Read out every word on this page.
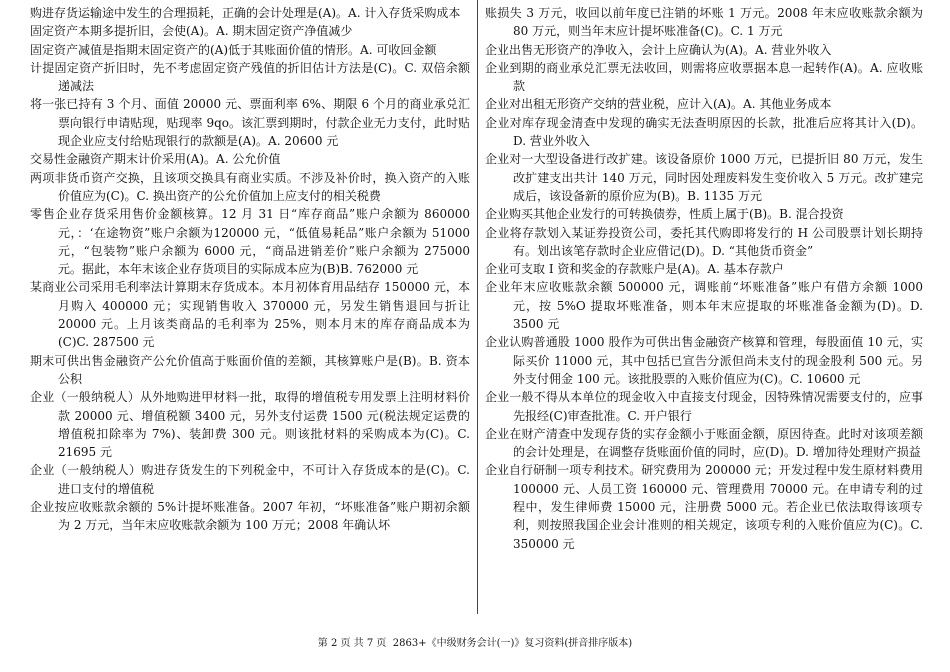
购进存货运输途中发生的合理损耗，正确的会计处理是(A)。A. 计入存货采购成本

固定资产本期多提折旧，会使(A)。A. 期末固定资产净值减少

固定资产减值是指期末固定资产的(A)低于其账面价值的情形。A. 可收回金额

计提固定资产折旧时，先不考虑固定资产残值的折旧估计方法是(C)。C. 双倍余额递减法

将一张已持有 3 个月、面值 20000 元、票面利率 6%、期限 6 个月的商业承兑汇票向银行申请贴现，贴现率 9qo。该汇票到期时，付款企业无力支付，此时贴现企业应支付给贴现银行的款额是(A)。A. 20600 元

交易性金融资产期末计价采用(A)。A. 公允价值

两项非货币资产交换，且该项交换具有商业实质。不涉及补价时，换入资产的入账价值应为(C)。C. 换出资产的公允价值加上应支付的相关税费

零售企业存货采用售价金额核算。12 月 31 日“库存商品”账户余额为 860000 元，：‘在途物资”账户余额为120000 元，“低值易耗品”账户余额为 51000 元，“包装物”账户余额为 6000 元，“商品进销差价”账户余额为 275000 元。据此，本年末该企业存货项目的实际成本应为(B)B. 762000 元

某商业公司采用毛利率法计算期末存货成本。本月初体育用品结存 150000 元，本月购入 400000 元；实现销售收入 370000 元，另发生销售退回与折让 20000 元。上月该类商品的毛利率为 25%，则本月末的库存商品成本为(C)C. 287500 元

期末可供出售金融资产公允价值高于账面价值的差额，其核算账户是(B)。B. 资本公积

企业（一般纳税人）从外地购进甲材料一批，取得的增值税专用发票上注明材料价款 20000 元、增值税额 3400 元，另外支付运费 1500 元(税法规定运费的增值税扣除率为 7%)、装卸费 300 元。则该批材料的采购成本为(C)。C. 21695 元

企业（一般纳税人）购进存货发生的下列税金中，不可计入存货成本的是(C)。C. 进口支付的增值税

企业按应收账款余额的 5%计提坏账准备。2007 年初，“坏账准备”账户期初余额为 2 万元，当年末应收账款余额为 100 万元；2008 年确认坏

账损失 3 万元，收回以前年度已注销的坏账 1 万元。2008 年末应收账款余额为 80 万元，则当年末应计提坏账准备(C)。C. 1 万元

企业出售无形资产的净收入，会计上应确认为(A)。A. 营业外收入

企业到期的商业承兑汇票无法收回，则需将应收票据本息一起转作(A)。A. 应收账款

企业对出租无形资产交纳的营业税，应计入(A)。A. 其他业务成本

企业对库存现金清查中发现的确实无法查明原因的长款，批准后应将其计入(D)。D. 营业外收入

企业对一大型设备进行改扩建。该设备原价 1000 万元，已提折旧 80 万元，发生改扩建支出共计 140 万元，同时因处理废料发生变价收入 5 万元。改扩建完成后，该设备新的原价应为(B)。B. 1135 万元

企业购买其他企业发行的可转换债券，性质上属于(B)。B. 混合投资

企业将存款划入某证券投资公司，委托其代购即将发行的 H 公司股票计划长期持有。划出该笔存款时企业应借记(D)。D. “其他货币资金”

企业可支取 I 资和奖金的存款账户是(A)。A. 基本存款户

企业年末应收账款余额 500000 元，调账前“坏账准备”账户有借方余额 1000 元，按 5%O 提取坏账准备，则本年末应提取的坏账准备金额为(D)。D. 3500 元

企业认购普通股 1000 股作为可供出售金融资产核算和管理，每股面值 10 元，实际买价 11000 元，其中包括已宣告分派但尚未支付的现金股利 500 元。另外支付佣金 100 元。该批股票的入账价值应为(C)。C. 10600 元

企业一般不得从本单位的现金收入中直接支付现金，因特殊情况需要支付的，应事先报经(C)审查批准。C. 开户银行

企业在财产清查中发现存货的实存金额小于账面金额，原因待查。此时对该项差额的会计处理是，在调整存货账面价值的同时，应(D)。D. 增加待处理财产损益

企业自行研制一项专利技术。研究费用为 200000 元；开发过程中发生原材料费用 100000 元、人员工资 160000 元、管理费用 70000 元。在申请专利的过程中，发生律师费 15000 元，注册费 5000 元。若企业已依法取得该项专利，则按照我国企业会计准则的相关规定，该项专利的入账价值应为(C)。C. 350000 元

第 2 页 共 7 页  2863+《中级财务会计(一)》复习资料(拼音排序版本)
